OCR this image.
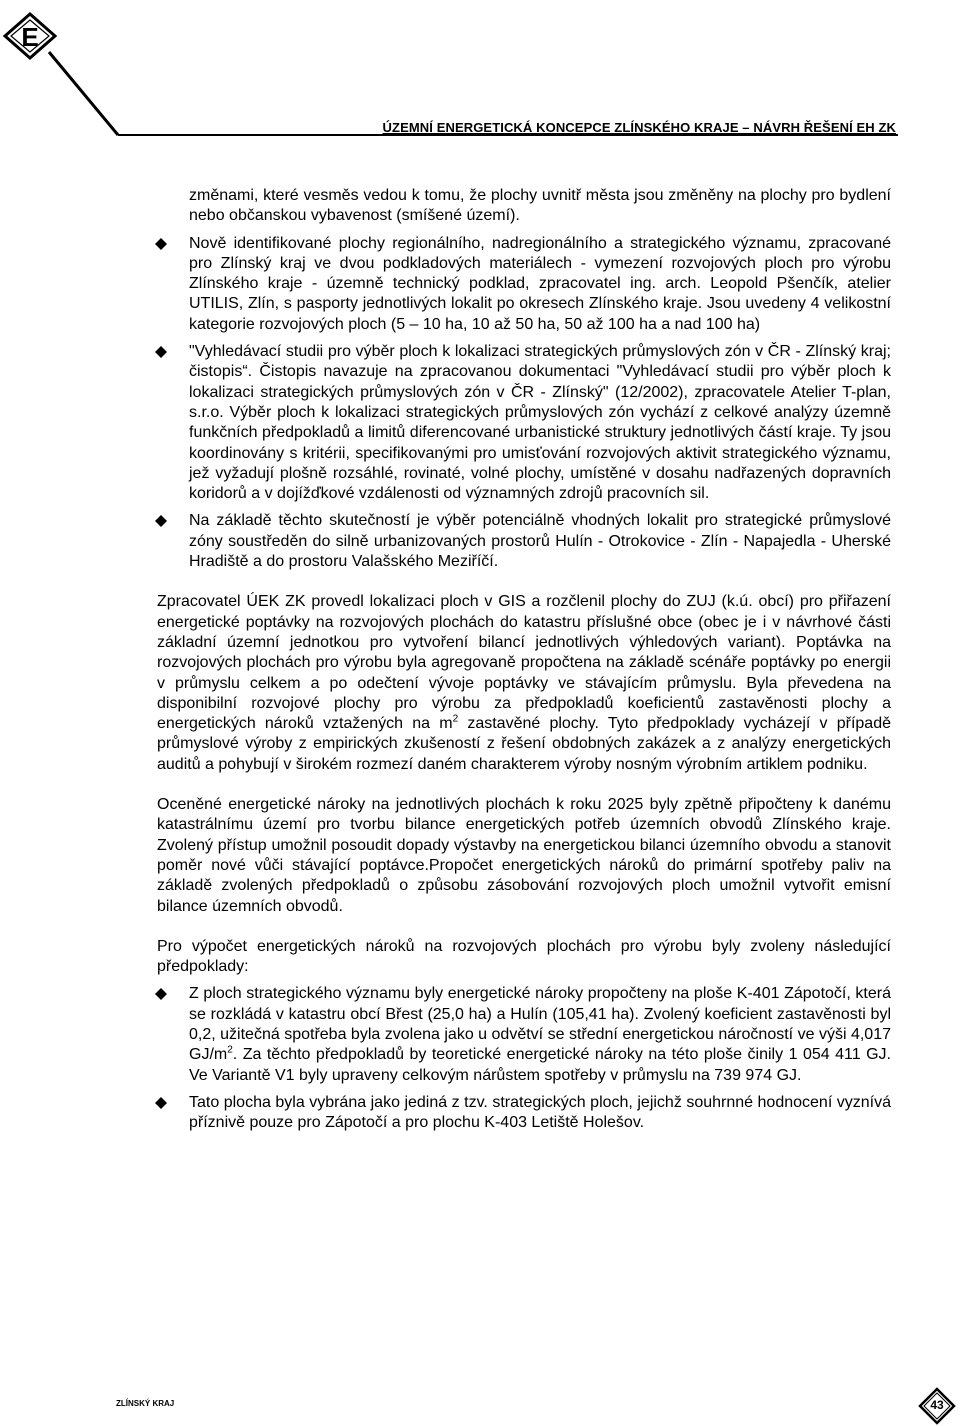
E
ÚZEMNÍ ENERGETICKÁ KONCEPCE ZLÍNSKÉHO KRAJE – NÁVRH ŘEŠENÍ EH ZK

změnami, které vesměs vedou k tomu, že plochy uvnitř města jsou změněny na plochy pro bydlení nebo občanskou vybavenost (smíšené území).

Nově identifikované plochy regionálního, nadregionálního a strategického významu, zpracované pro Zlínský kraj ve dvou podkladových materiálech - vymezení rozvojových ploch pro výrobu Zlínského kraje - územně technický podklad, zpracovatel ing. arch. Leopold Pšenčík, atelier UTILIS, Zlín, s pasporty jednotlivých lokalit po okresech Zlínského kraje. Jsou uvedeny 4 velikostní kategorie rozvojových ploch (5 – 10 ha, 10 až 50 ha, 50 až 100 ha a nad 100 ha)
"Vyhledávací studii pro výběr ploch k lokalizaci strategických průmyslových zón v ČR - Zlínský kraj; čistopis“. Čistopis navazuje na zpracovanou dokumentaci "Vyhledávací studii pro výběr ploch k lokalizaci strategických průmyslových zón v ČR - Zlínský" (12/2002), zpracovatele Atelier T-plan, s.r.o. Výběr ploch k lokalizaci strategických průmyslových zón vychází z celkové analýzy územně funkčních předpokladů a limitů diferencované urbanistické struktury jednotlivých částí kraje. Ty jsou koordinovány s kritérii, specifikovanými pro umisťování rozvojových aktivit strategického významu, jež vyžadují plošně rozsáhlé, rovinaté, volné plochy, umístěné v dosahu nadřazených dopravních koridorů a v dojížďkové vzdálenosti od významných zdrojů pracovních sil.
Na základě těchto skutečností je výběr potenciálně vhodných lokalit pro strategické průmyslové zóny soustředěn do silně urbanizovaných prostorů Hulín - Otrokovice - Zlín - Napajedla - Uherské Hradiště a do prostoru Valašského Meziříčí.

Zpracovatel ÚEK ZK provedl lokalizaci ploch v GIS a rozčlenil plochy do ZUJ (k.ú. obcí) pro přiřazení energetické poptávky na rozvojových plochách do katastru příslušné obce (obec je i v návrhové části základní územní jednotkou pro vytvoření bilancí jednotlivých výhledových variant). Poptávka na rozvojových plochách pro výrobu byla agregovaně propočtena na základě scénáře poptávky po energii v průmyslu celkem a po odečtení vývoje poptávky ve stávajícím průmyslu. Byla převedena na disponibilní rozvojové plochy pro výrobu za předpokladů koeficientů zastavěnosti plochy a energetických nároků vztažených na $m^2$ zastavěné plochy. Tyto předpoklady vycházejí v případě průmyslové výroby z empirických zkušeností z řešení obdobných zakázek a z analýzy energetických auditů a pohybují v širokém rozmezí daném charakterem výroby nosným výrobním artiklem podniku.

Oceněné energetické nároky na jednotlivých plochách k roku 2025 byly zpětně připočteny k danému katastrálnímu území pro tvorbu bilance energetických potřeb územních obvodů Zlínského kraje. Zvolený přístup umožnil posoudit dopady výstavby na energetickou bilanci územního obvodu a stanovit poměr nové vůči stávající poptávce.Propočet energetických nároků do primární spotřeby paliv na základě zvolených předpokladů o způsobu zásobování rozvojových ploch umožnil vytvořit emisní bilance územních obvodů.

Pro výpočet energetických nároků na rozvojových plochách pro výrobu byly zvoleny následující předpoklady:

Z ploch strategického významu byly energetické nároky propočteny na ploše K-401 Zápotočí, která se rozkládá v katastru obcí Břest (25,0 ha) a Hulín (105,41 ha). Zvolený koeficient zastavěnosti byl 0,2, užitečná spotřeba byla zvolena jako u odvětví se střední energetickou náročností ve výši 4,017 $GJ/m^2$. Za těchto předpokladů by teoretické energetické nároky na této ploše činily 1 054 411 GJ. Ve Variantě V1 byly upraveny celkovým nárůstem spotřeby v průmyslu na 739 974 GJ.
Tato plocha byla vybrána jako jediná z tzv. strategických ploch, jejichž souhrnné hodnocení vyznívá příznivě pouze pro Zápotočí a pro plochu K-403 Letiště Holešov.
ZLÍNSKÝ KRAJ	43
